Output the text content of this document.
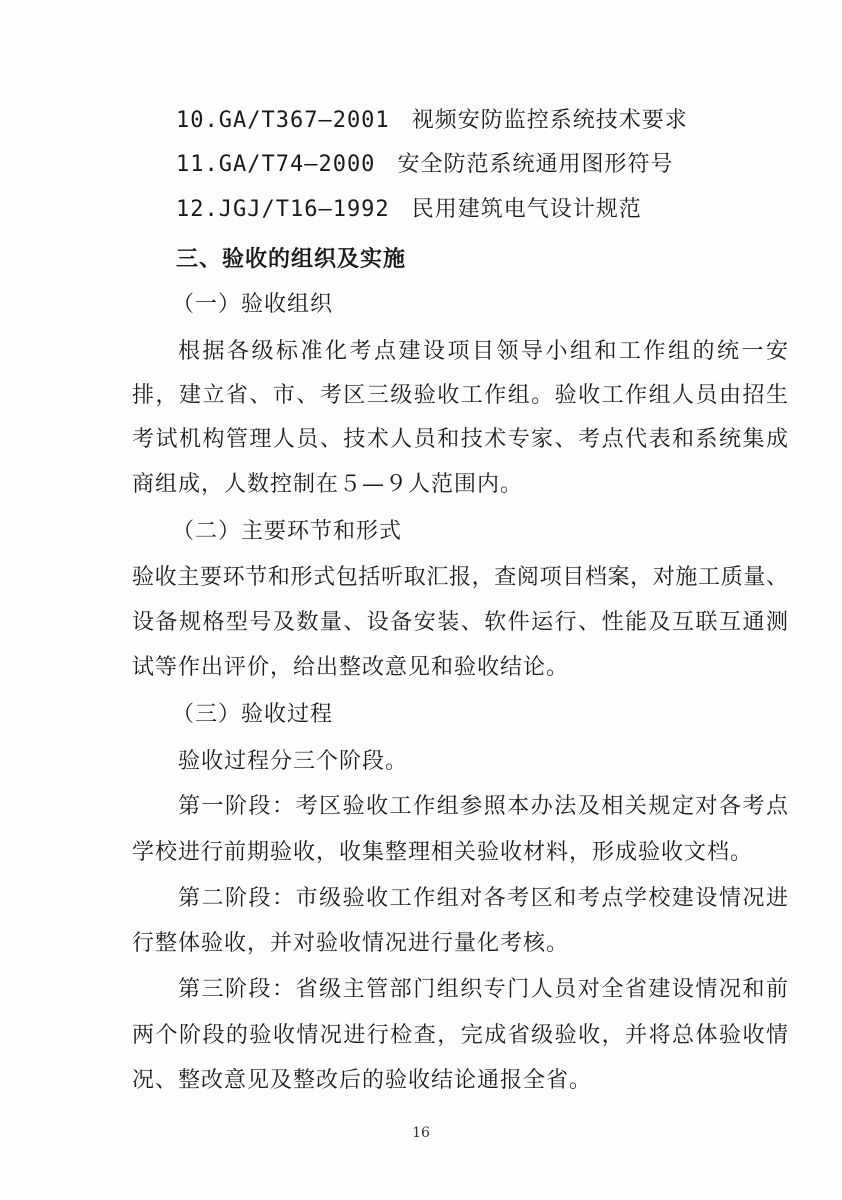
10.GA/T367—2001 视频安防监控系统技术要求
11.GA/T74—2000 安全防范系统通用图形符号
12.JGJ/T16—1992 民用建筑电气设计规范
三、验收的组织及实施
（一）验收组织
根据各级标准化考点建设项目领导小组和工作组的统一安
排，建立省、市、考区三级验收工作组。验收工作组人员由招生
考试机构管理人员、技术人员和技术专家、考点代表和系统集成
商组成，人数控制在５—９人范围内。
（二）主要环节和形式
验收主要环节和形式包括听取汇报，查阅项目档案，对施工质量、
设备规格型号及数量、设备安装、软件运行、性能及互联互通测
试等作出评价，给出整改意见和验收结论。
（三）验收过程
验收过程分三个阶段。
第一阶段：考区验收工作组参照本办法及相关规定对各考点
学校进行前期验收，收集整理相关验收材料，形成验收文档。
第二阶段：市级验收工作组对各考区和考点学校建设情况进
行整体验收，并对验收情况进行量化考核。
第三阶段：省级主管部门组织专门人员对全省建设情况和前
两个阶段的验收情况进行检查，完成省级验收，并将总体验收情
况、整改意见及整改后的验收结论通报全省。
16
